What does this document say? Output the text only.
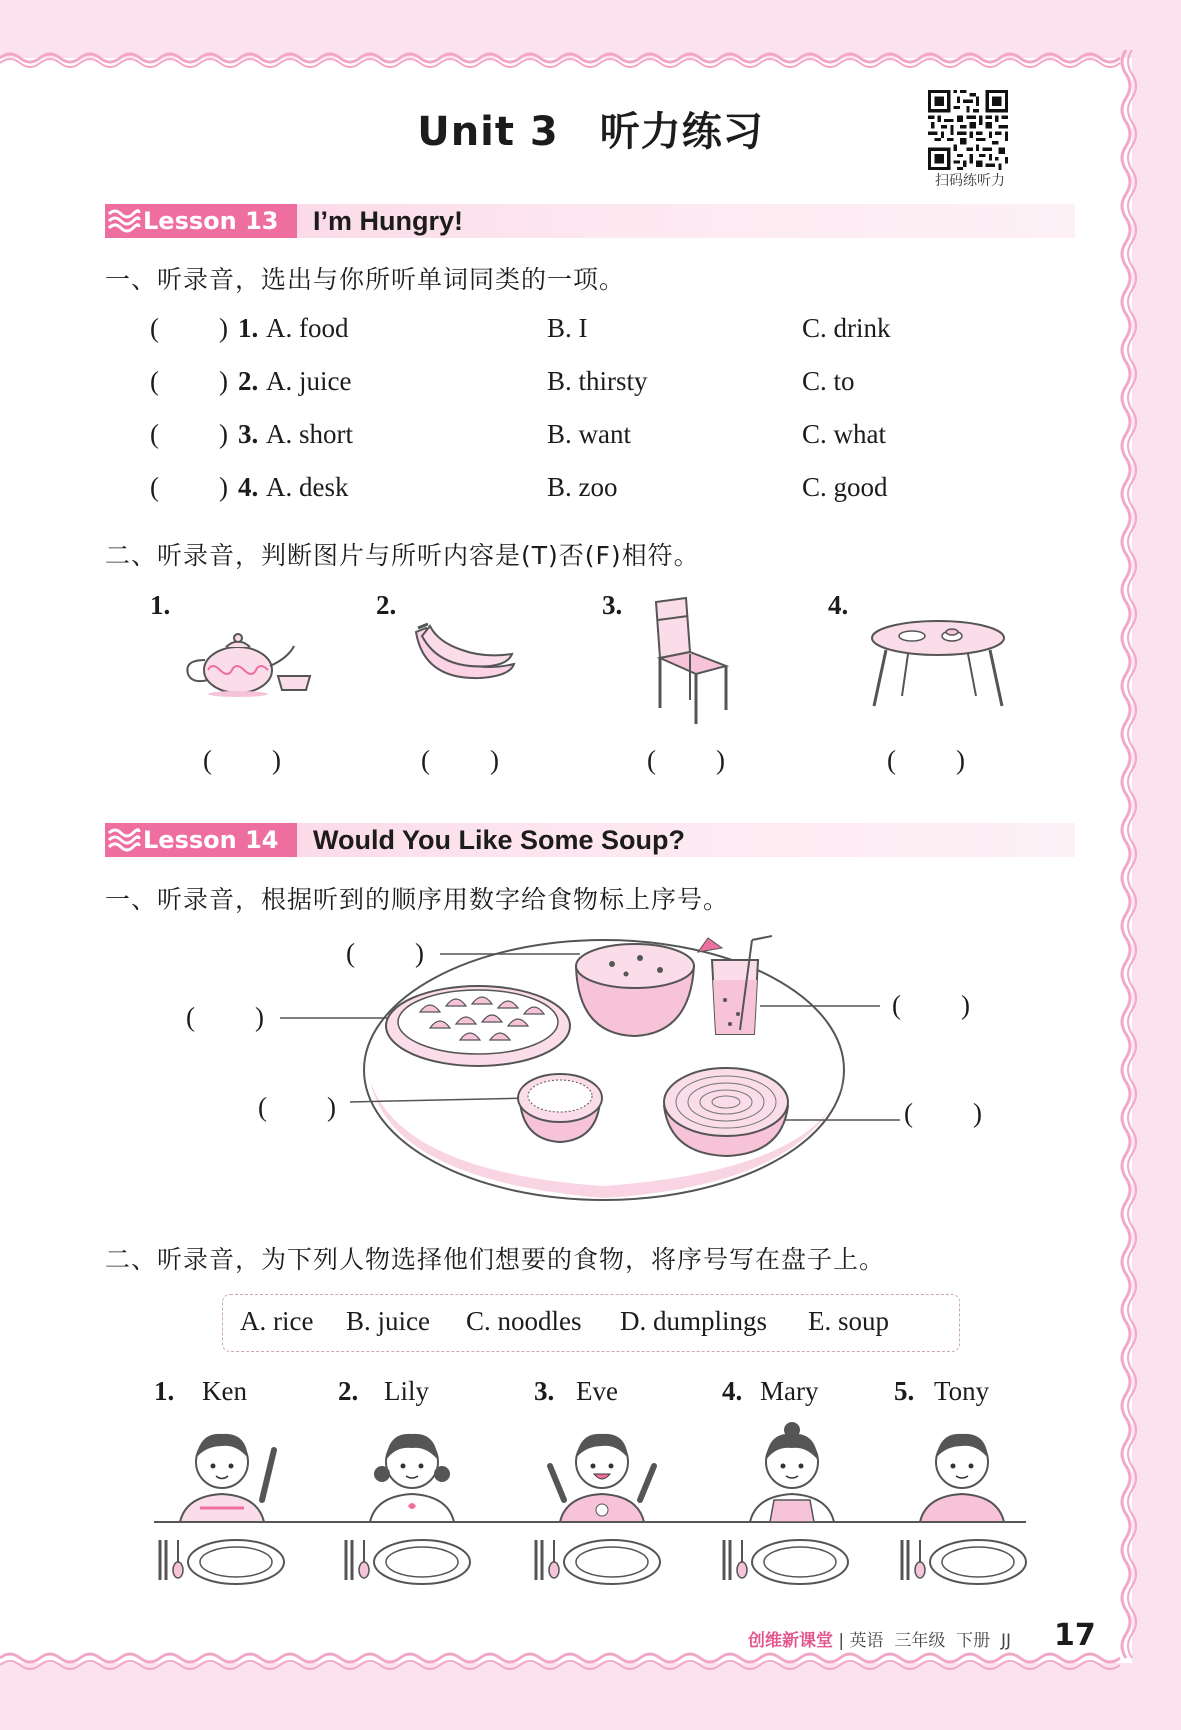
Unit 3　听力练习
扫码练听力
Lesson 13 I’m Hungry!
一、听录音，选出与你所听单词同类的一项。
( ) 1. A. food	B. I	C. drink
( ) 2. A. juice	B. thirsty	C. to
( ) 3. A. short	B. want	C. what
( ) 4. A. desk	B. zoo	C. good
二、听录音，判断图片与所听内容是(T)否(F)相符。
1.	2.	3.	4.
( )	( )	( )	( )
Lesson 14 Would You Like Some Soup?
一、听录音，根据听到的顺序用数字给食物标上序号。
( )
( )
( )
( )
( )
二、听录音，为下列人物选择他们想要的食物，将序号写在盘子上。
A. rice B. juice C. noodles D. dumplings E. soup
1. Ken	2. Lily	3. Eve	4. Mary	5. Tony
创维新课堂 | 英语 三年级 下册 JJ 17
